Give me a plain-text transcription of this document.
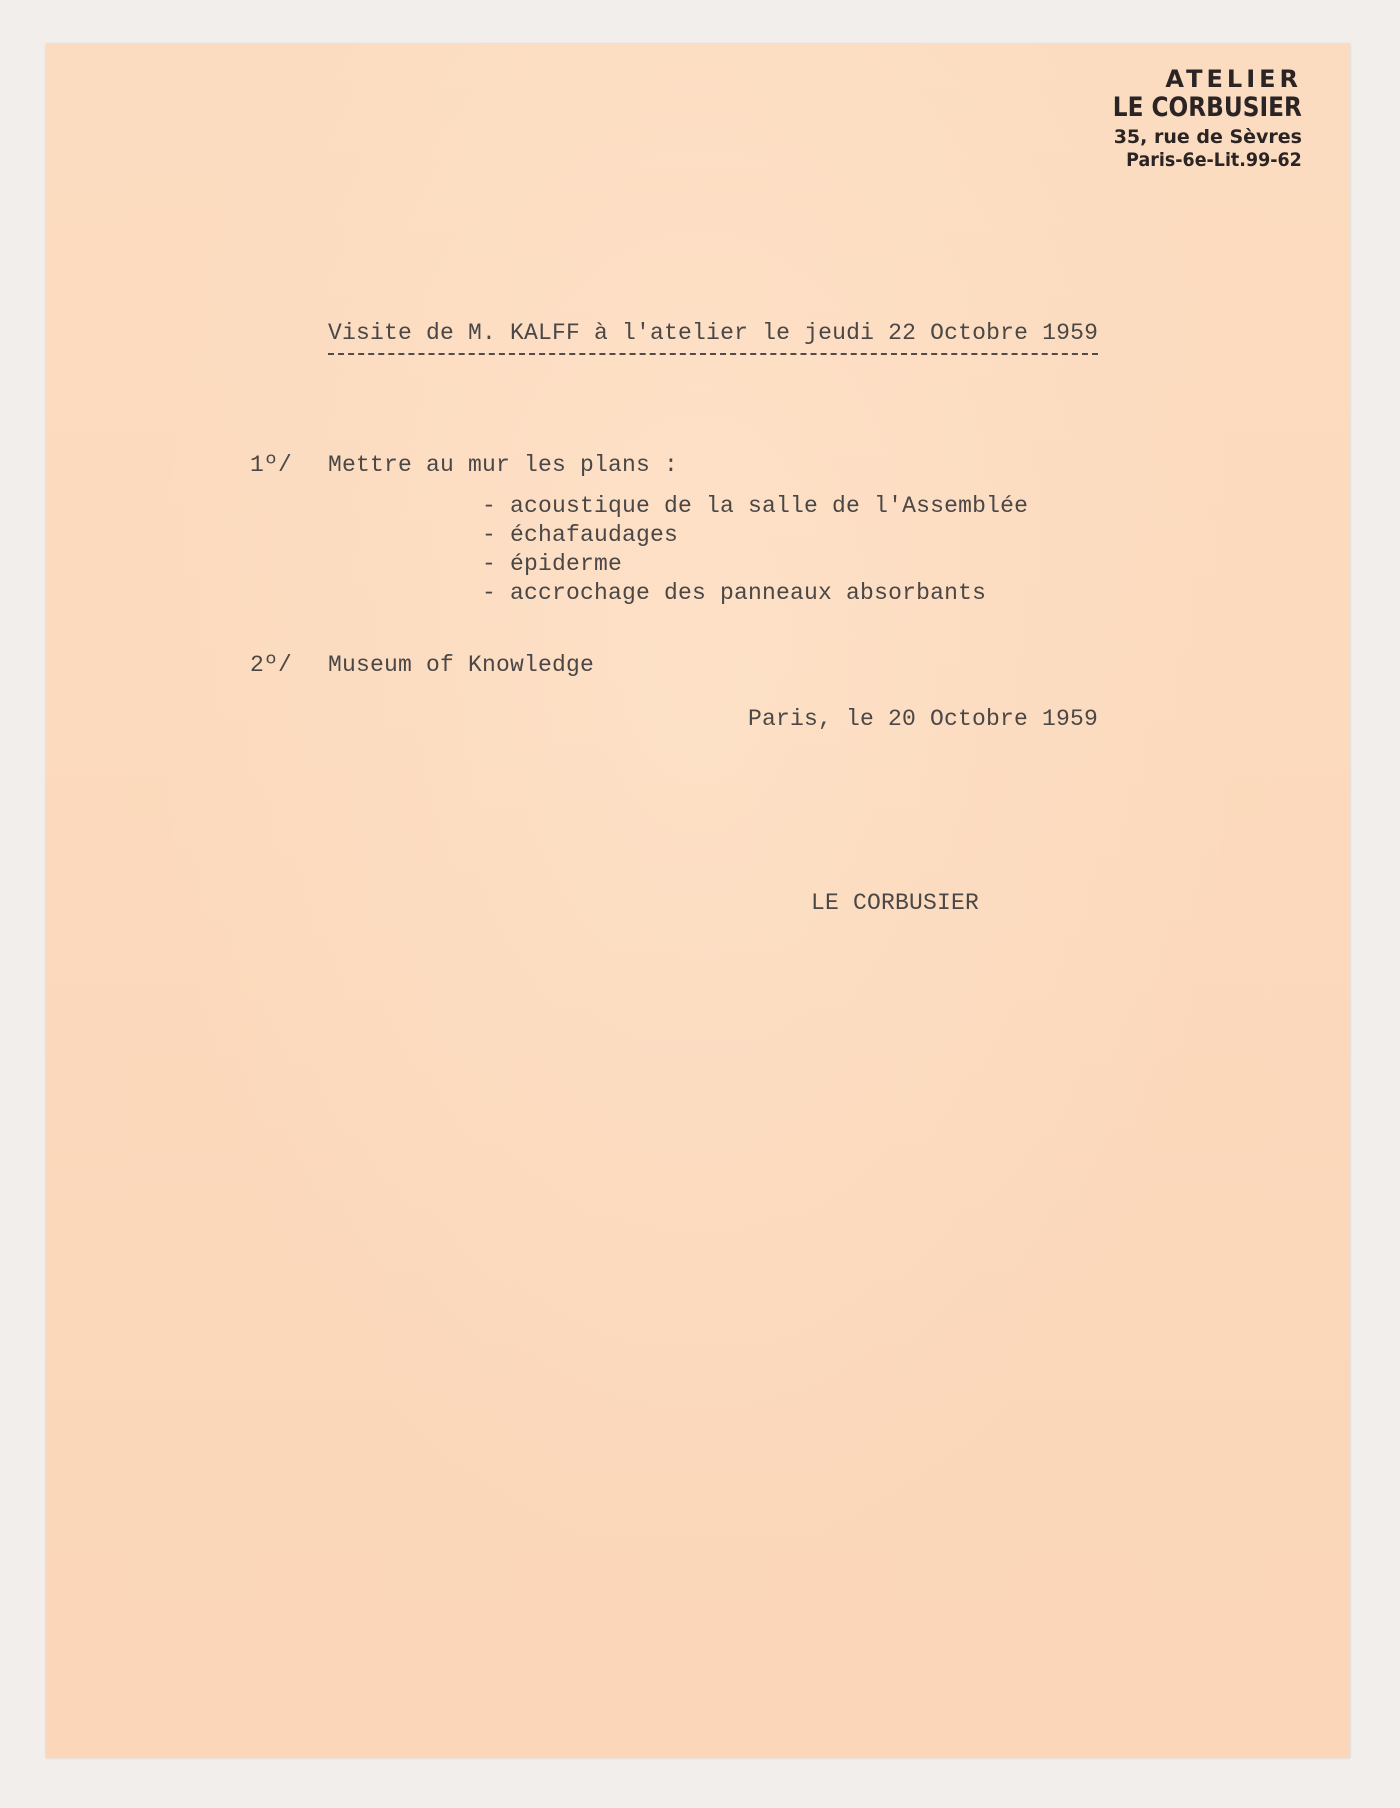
ATELIER
LE CORBUSIER
35, rue de Sèvres
Paris-6e-Lit.99-62
Visite de M. KALFF à l'atelier le jeudi 22 Octobre 1959
1º/ Mettre au mur les plans :
- acoustique de la salle de l'Assemblée
- échafaudages
- épiderme
- accrochage des panneaux absorbants
2º/ Museum of Knowledge
Paris, le 20 Octobre 1959
LE CORBUSIER
